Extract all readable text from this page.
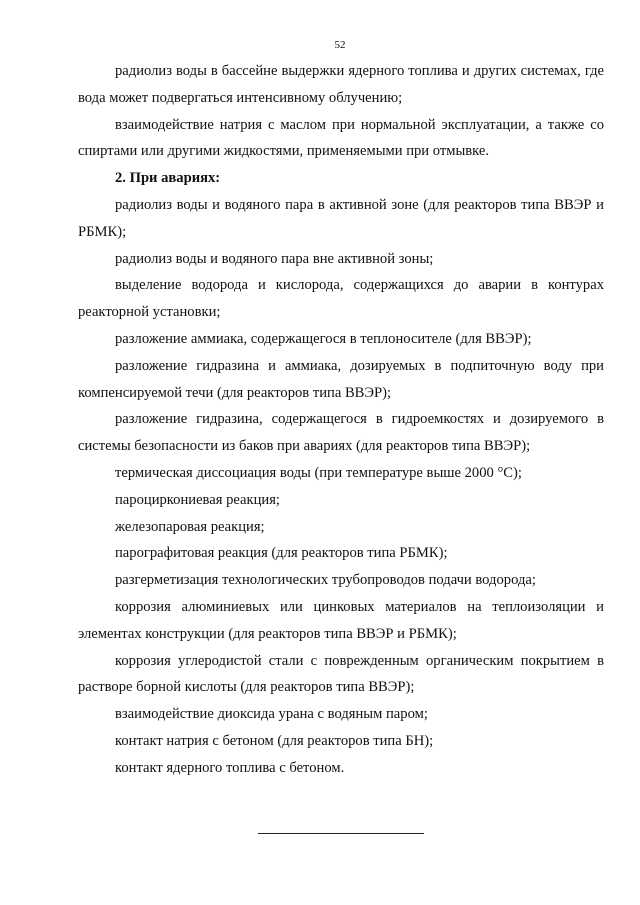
52

радиолиз воды в бассейне выдержки ядерного топлива и других системах, где вода может подвергаться интенсивному облучению;

взаимодействие натрия с маслом при нормальной эксплуатации, а также со спиртами или другими жидкостями, применяемыми при отмывке.

2. При авариях:

радиолиз воды и водяного пара в активной зоне (для реакторов типа ВВЭР и РБМК);

радиолиз воды и водяного пара вне активной зоны;

выделение водорода и кислорода, содержащихся до аварии в контурах реакторной установки;

разложение аммиака, содержащегося в теплоносителе (для ВВЭР);

разложение гидразина и аммиака, дозируемых в подпиточную воду при компенсируемой течи (для реакторов типа ВВЭР);

разложение гидразина, содержащегося в гидроемкостях и дозируемого в системы безопасности из баков при авариях (для реакторов типа ВВЭР);

термическая диссоциация воды (при температуре выше 2000 °С);

пароциркониевая реакция;

железопаровая реакция;

парографитовая реакция (для реакторов типа РБМК);

разгерметизация технологических трубопроводов подачи водорода;

коррозия алюминиевых или цинковых материалов на теплоизоляции и элементах конструкции (для реакторов типа ВВЭР и РБМК);

коррозия углеродистой стали с поврежденным органическим покрытием в растворе борной кислоты (для реакторов типа ВВЭР);

взаимодействие диоксида урана с водяным паром;

контакт натрия с бетоном (для реакторов типа БН);

контакт ядерного топлива с бетоном.
